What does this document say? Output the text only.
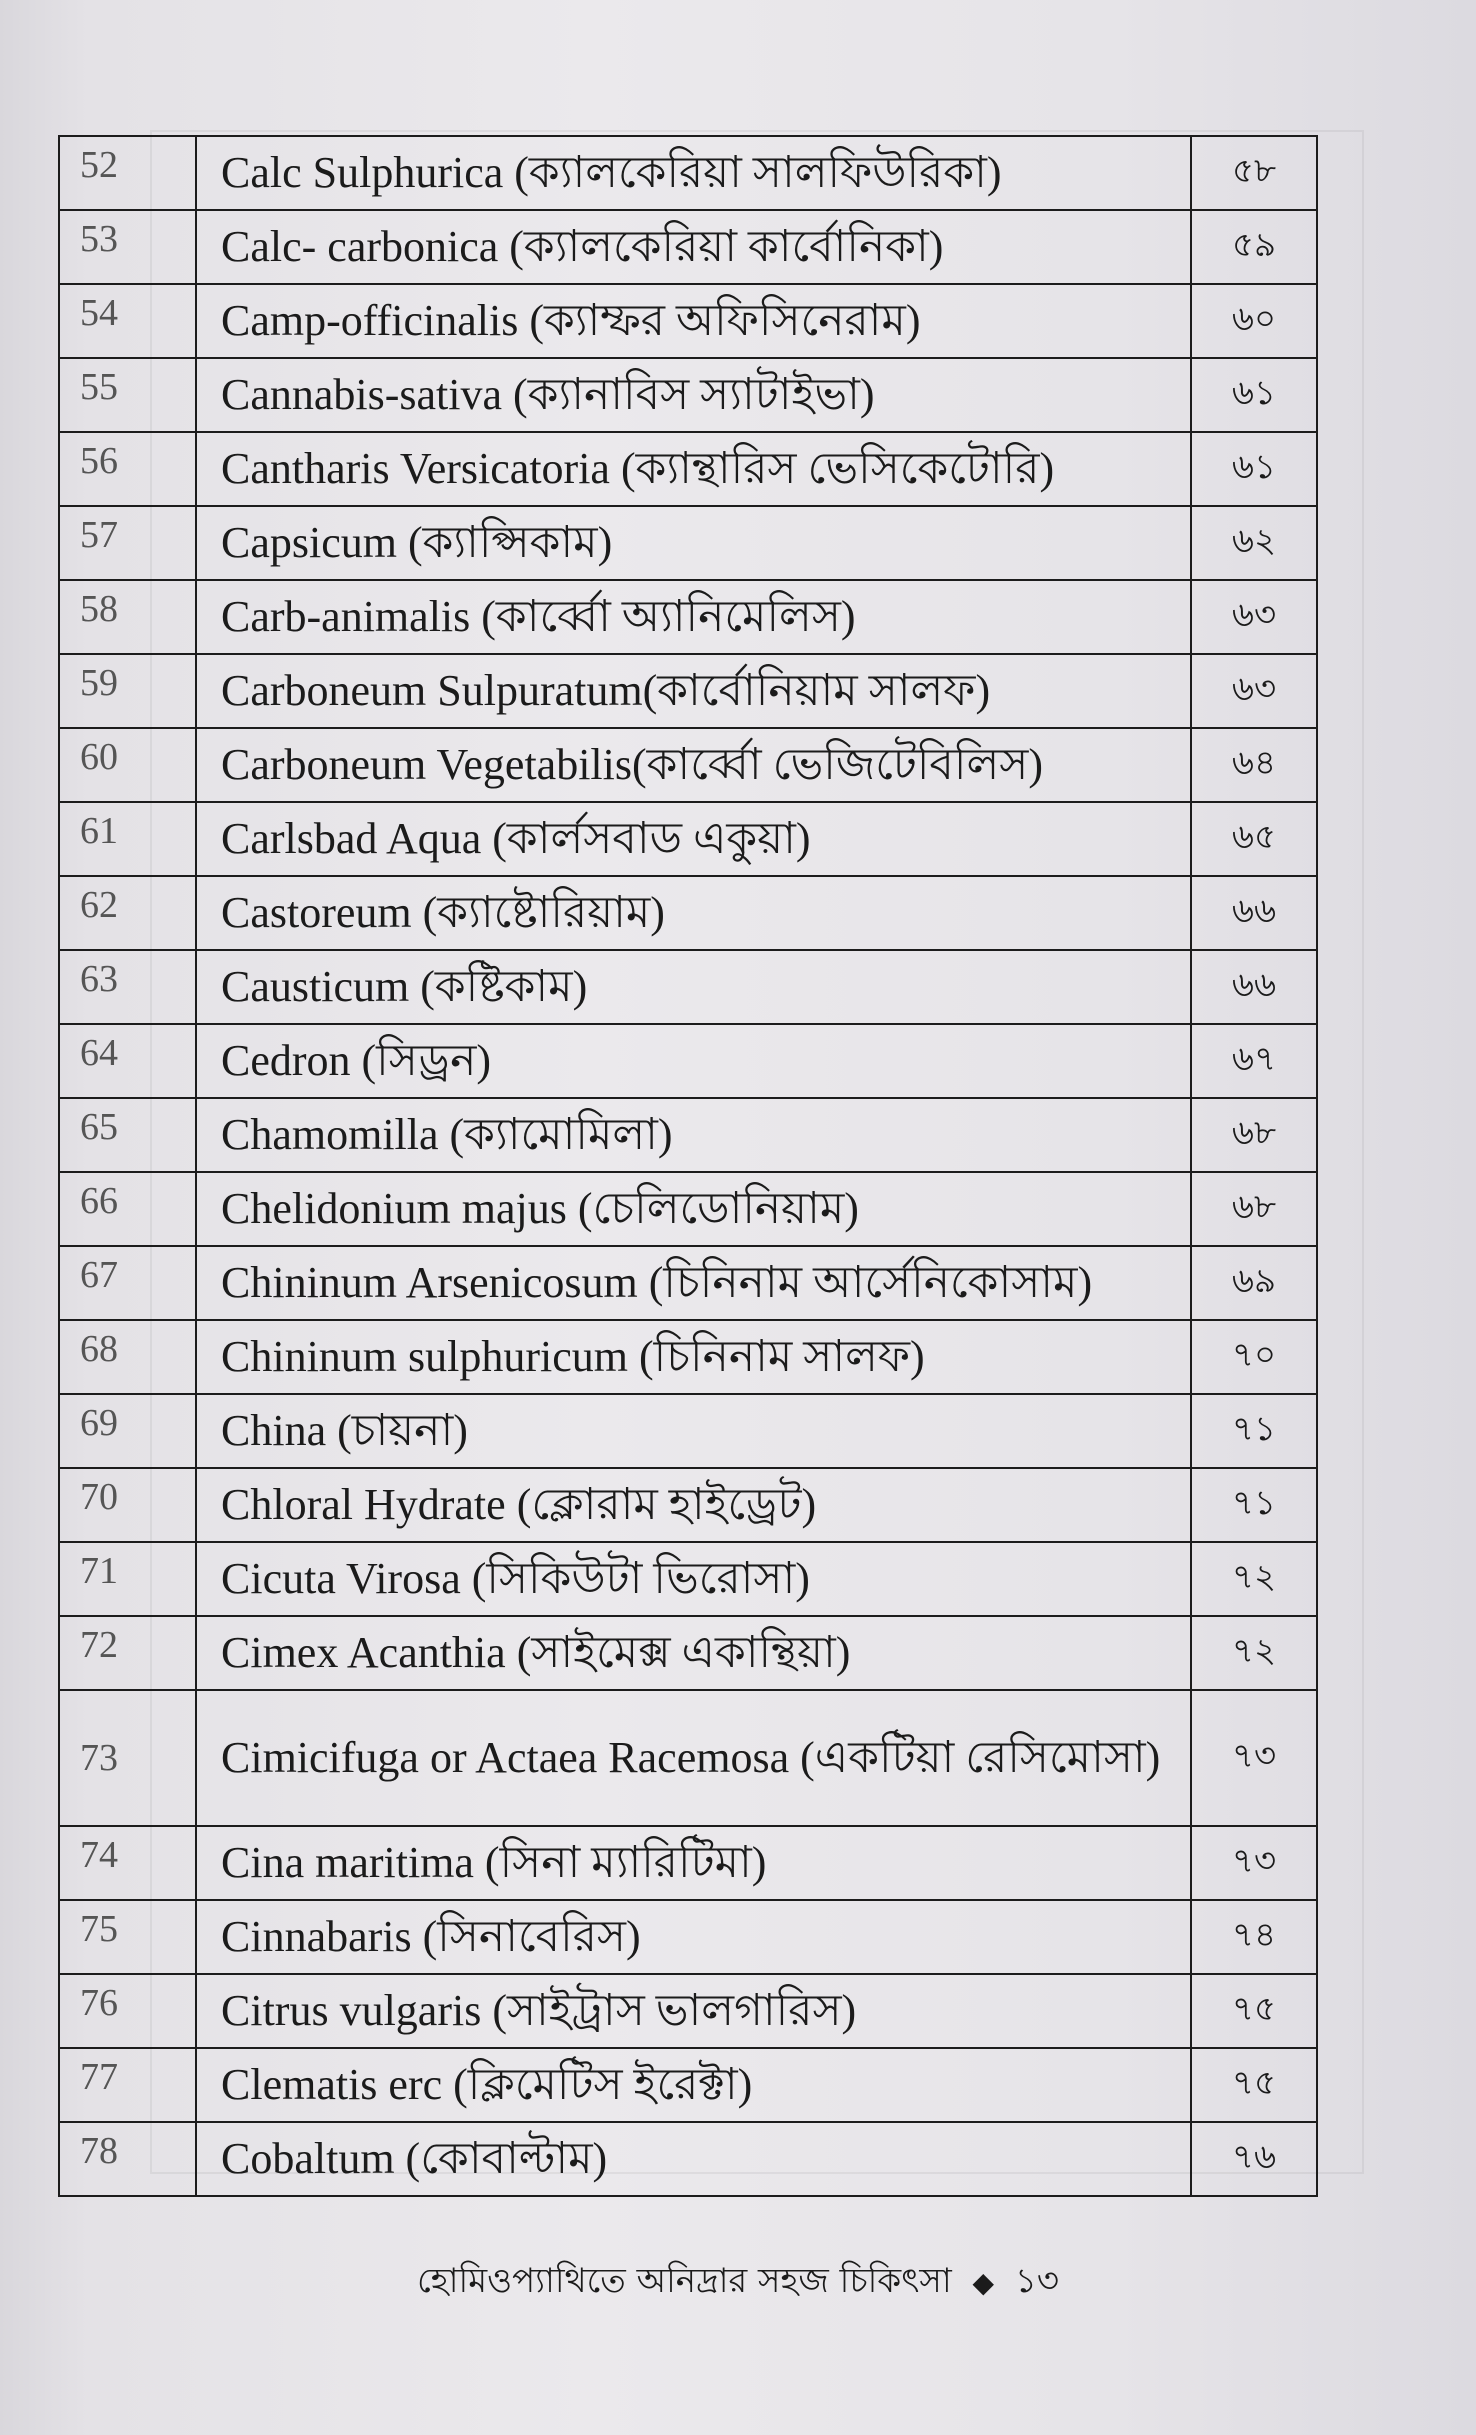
52	Calc Sulphurica (ক্যালকেরিয়া সালফিউরিকা)	৫৮
53	Calc- carbonica (ক্যালকেরিয়া কার্বোনিকা)	৫৯
54	Camp-officinalis (ক্যাম্ফর অফিসিনেরাম)	৬০
55	Cannabis-sativa (ক্যানাবিস স্যাটাইভা)	৬১
56	Cantharis Versicatoria (ক্যান্থারিস ভেসিকেটোরি)	৬১
57	Capsicum (ক্যাপ্সিকাম)	৬২
58	Carb-animalis (কার্ব্বো অ্যানিমেলিস)	৬৩
59	Carboneum Sulpuratum(কার্বোনিয়াম সালফ)	৬৩
60	Carboneum Vegetabilis(কার্ব্বো ভেজিটেবিলিস)	৬৪
61	Carlsbad Aqua (কার্লসবাড একুয়া)	৬৫
62	Castoreum (ক্যাষ্টোরিয়াম)	৬৬
63	Causticum (কষ্টিকাম)	৬৬
64	Cedron (সিড্রন)	৬৭
65	Chamomilla (ক্যামোমিলা)	৬৮
66	Chelidonium majus (চেলিডোনিয়াম)	৬৮
67	Chininum Arsenicosum (চিনিনাম আর্সেনিকোসাম)	৬৯
68	Chininum sulphuricum (চিনিনাম সালফ)	৭০
69	China (চায়না)	৭১
70	Chloral Hydrate (ক্লোরাম হাইড্রেট)	৭১
71	Cicuta Virosa (সিকিউটা ভিরোসা)	৭২
72	Cimex Acanthia (সাইমেক্স একান্থিয়া)	৭২
73	Cimicifuga or Actaea Racemosa (একটিয়া রেসিমোসা)	৭৩
74	Cina maritima (সিনা ম্যারিটিমা)	৭৩
75	Cinnabaris (সিনাবেরিস)	৭৪
76	Citrus vulgaris (সাইট্রাস ভালগারিস)	৭৫
77	Clematis erc (ক্লিমেটিস ইরেক্টা)	৭৫
78	Cobaltum (কোবাল্টাম)	৭৬
হোমিওপ্যাথিতে অনিদ্রার সহজ চিকিৎসা ◆ ১৩
